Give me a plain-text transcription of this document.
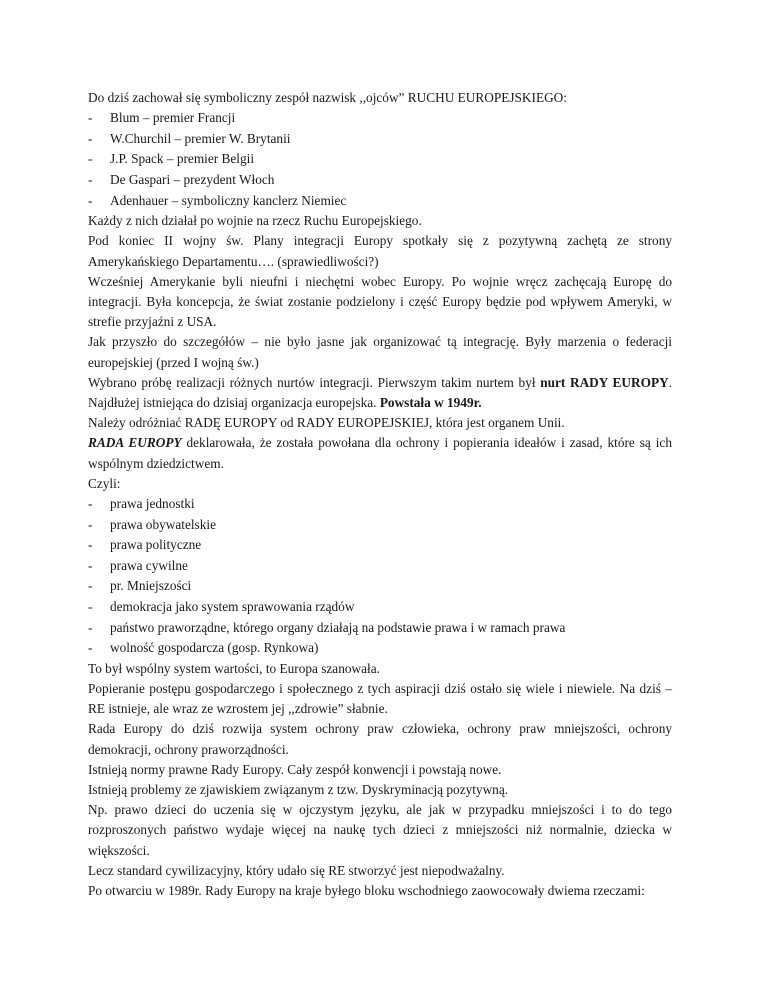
Do dziś zachował się symboliczny zespół nazwisk ,,ojców” RUCHU EUROPEJSKIEGO:

- Blum – premier Francji

- W.Churchil – premier W. Brytanii

- J.P. Spack – premier Belgii

- De Gaspari – prezydent Włoch

- Adenhauer – symboliczny kanclerz Niemiec

Każdy z nich działał po wojnie na rzecz Ruchu Europejskiego.

Pod koniec II wojny św. Plany integracji Europy spotkały się z pozytywną zachętą ze strony Amerykańskiego Departamentu…. (sprawiedliwości?)

Wcześniej Amerykanie byli nieufni i niechętni wobec Europy. Po wojnie wręcz zachęcają Europę do integracji. Była koncepcja, że świat zostanie podzielony i część Europy będzie pod wpływem Ameryki, w strefie przyjaźni z USA.

Jak przyszło do szczegółów – nie było jasne jak organizować tą integrację. Były marzenia o federacji europejskiej (przed I wojną św.)

Wybrano próbę realizacji różnych nurtów integracji. Pierwszym takim nurtem był nurt RADY EUROPY. Najdłużej istniejąca do dzisiaj organizacja europejska. Powstała w 1949r.

Należy odróżniać RADĘ EUROPY od RADY EUROPEJSKIEJ, która jest organem Unii.

RADA EUROPY deklarowała, że została powołana dla ochrony i popierania ideałów i zasad, które są ich wspólnym dziedzictwem.

Czyli:

- prawa jednostki

- prawa obywatelskie

- prawa polityczne

- prawa cywilne

- pr. Mniejszości

- demokracja jako system sprawowania rządów

- państwo praworządne, którego organy działają na podstawie prawa i w ramach prawa

- wolność gospodarcza (gosp. Rynkowa)

To był wspólny system wartości, to Europa szanowała.

Popieranie postępu gospodarczego i społecznego z tych aspiracji dziś ostało się wiele i niewiele. Na dziś – RE istnieje, ale wraz ze wzrostem jej ,,zdrowie” słabnie.

Rada Europy do dziś rozwija system ochrony praw człowieka, ochrony praw mniejszości, ochrony demokracji, ochrony praworządności.

Istnieją normy prawne Rady Europy. Cały zespół konwencji i powstają nowe.

Istnieją problemy ze zjawiskiem związanym z tzw. Dyskryminacją pozytywną.

Np. prawo dzieci do uczenia się w ojczystym języku, ale jak w przypadku mniejszości i to do tego rozproszonych państwo wydaje więcej na naukę tych dzieci z mniejszości niż normalnie, dziecka w większości.

Lecz standard cywilizacyjny, który udało się RE stworzyć jest niepodważalny.

Po otwarciu w 1989r. Rady Europy na kraje byłego bloku wschodniego zaowocowały dwiema rzeczami:
